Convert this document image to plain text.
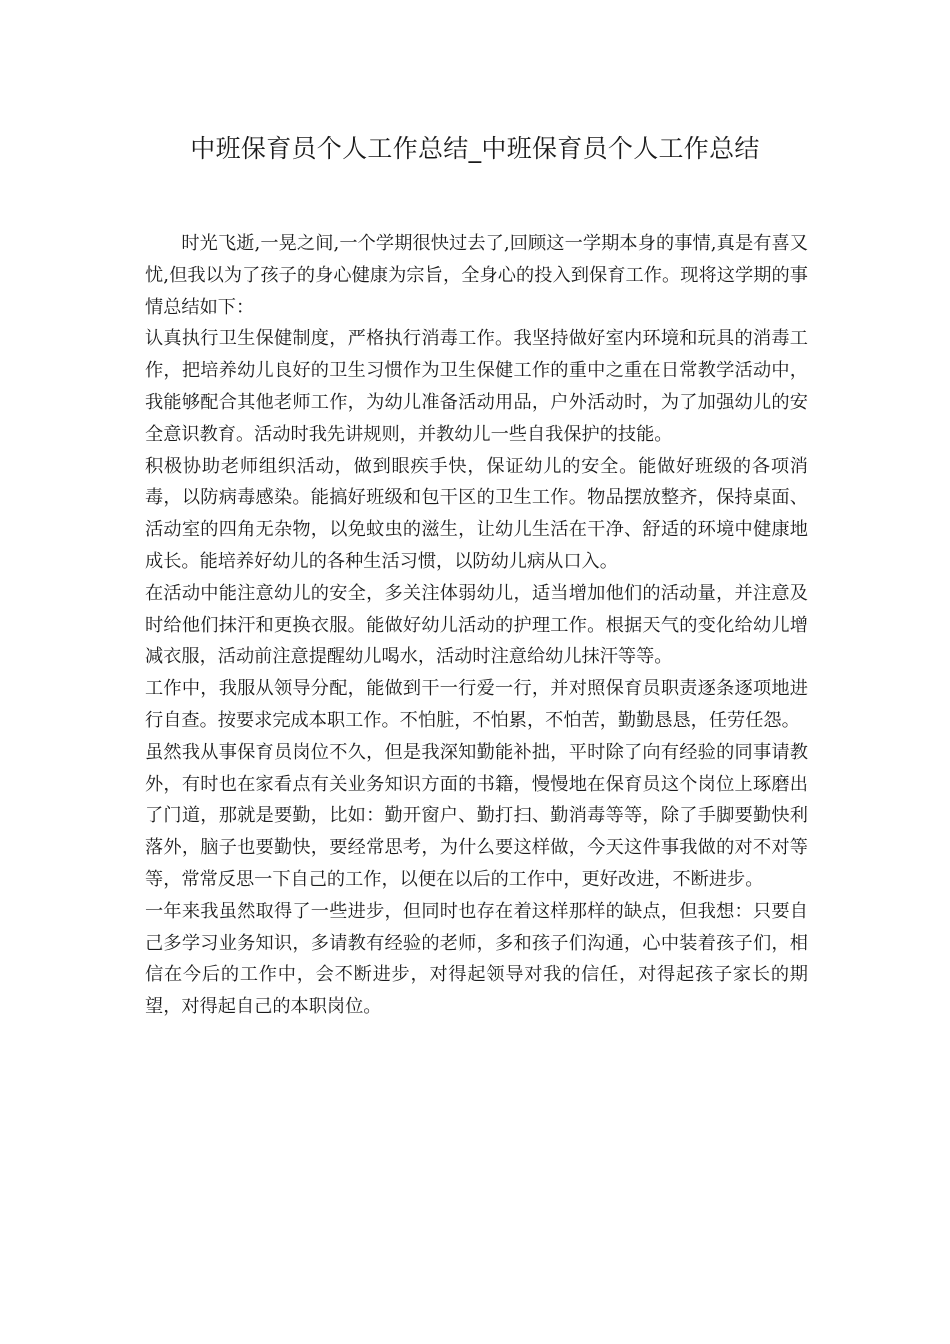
中班保育员个人工作总结_中班保育员个人工作总结

时光飞逝,一晃之间,一个学期很快过去了,回顾这一学期本身的事情,真是有喜又忧,但我以为了孩子的身心健康为宗旨，全身心的投入到保育工作。现将这学期的事情总结如下：

认真执行卫生保健制度，严格执行消毒工作。我坚持做好室内环境和玩具的消毒工作，把培养幼儿良好的卫生习惯作为卫生保健工作的重中之重在日常教学活动中，我能够配合其他老师工作，为幼儿准备活动用品，户外活动时，为了加强幼儿的安全意识教育。活动时我先讲规则，并教幼儿一些自我保护的技能。

积极协助老师组织活动，做到眼疾手快，保证幼儿的安全。能做好班级的各项消毒，以防病毒感染。能搞好班级和包干区的卫生工作。物品摆放整齐，保持桌面、活动室的四角无杂物，以免蚊虫的滋生，让幼儿生活在干净、舒适的环境中健康地成长。能培养好幼儿的各种生活习惯，以防幼儿病从口入。

在活动中能注意幼儿的安全，多关注体弱幼儿，适当增加他们的活动量，并注意及时给他们抹汗和更换衣服。能做好幼儿活动的护理工作。根据天气的变化给幼儿增减衣服，活动前注意提醒幼儿喝水，活动时注意给幼儿抹汗等等。

工作中，我服从领导分配，能做到干一行爱一行，并对照保育员职责逐条逐项地进行自查。按要求完成本职工作。不怕脏，不怕累，不怕苦，勤勤恳恳，任劳任怨。

虽然我从事保育员岗位不久，但是我深知勤能补拙，平时除了向有经验的同事请教外，有时也在家看点有关业务知识方面的书籍，慢慢地在保育员这个岗位上琢磨出了门道，那就是要勤，比如：勤开窗户、勤打扫、勤消毒等等，除了手脚要勤快利落外，脑子也要勤快，要经常思考，为什么要这样做，今天这件事我做的对不对等等，常常反思一下自己的工作，以便在以后的工作中，更好改进，不断进步。

一年来我虽然取得了一些进步，但同时也存在着这样那样的缺点，但我想：只要自己多学习业务知识，多请教有经验的老师，多和孩子们沟通，心中装着孩子们，相信在今后的工作中，会不断进步，对得起领导对我的信任，对得起孩子家长的期望，对得起自己的本职岗位。
